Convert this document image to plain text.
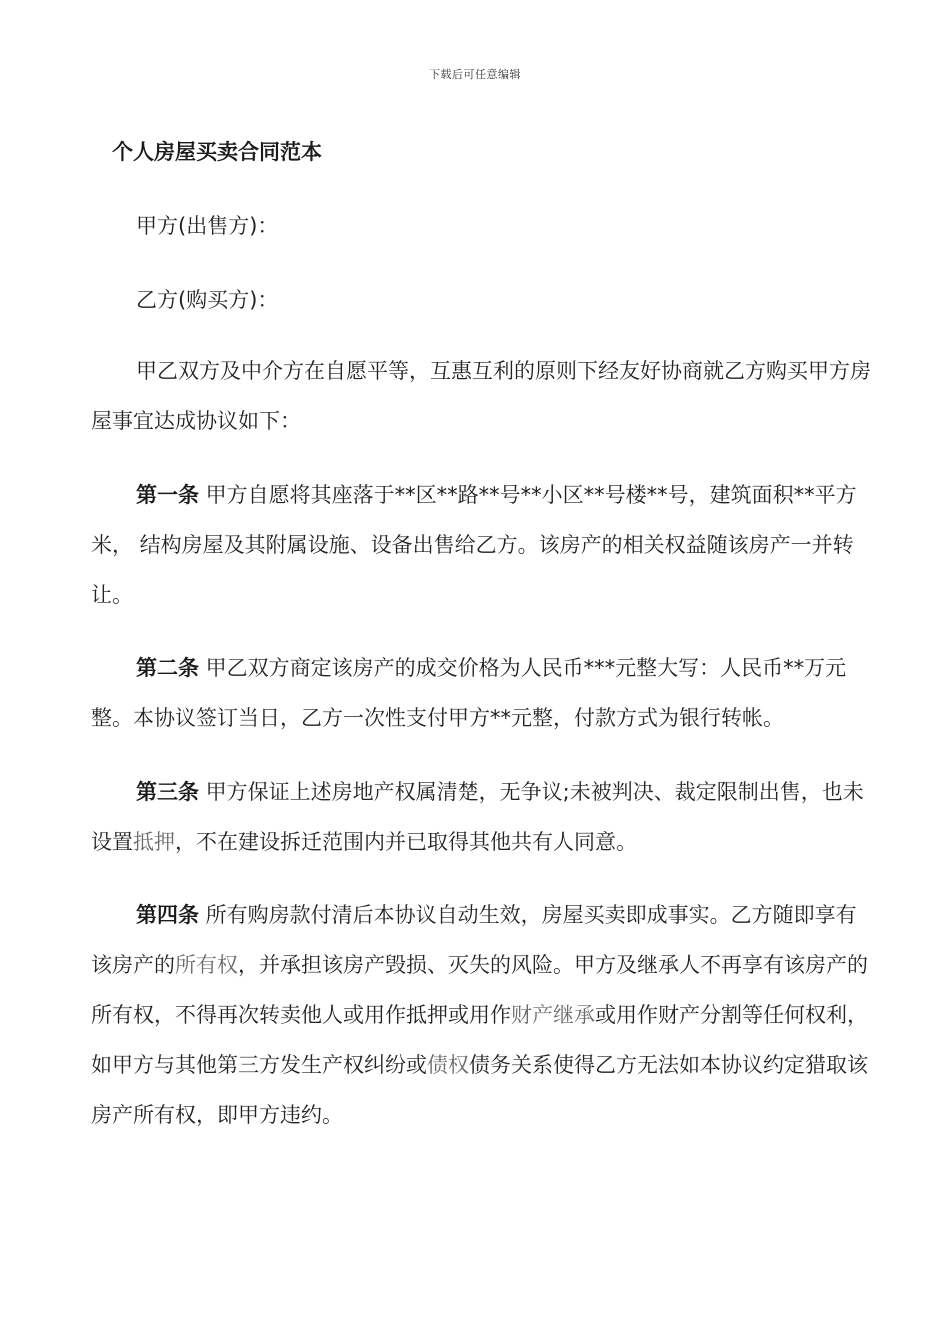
下载后可任意编辑
个人房屋买卖合同范本

甲方(出售方)：

乙方(购买方)：

甲乙双方及中介方在自愿平等，互惠互利的原则下经友好协商就乙方购买甲方房屋事宜达成协议如下：

第一条 甲方自愿将其座落于**区**路**号**小区**号楼**号，建筑面积**平方米， 结构房屋及其附属设施、设备出售给乙方。该房产的相关权益随该房产一并转让。

第二条 甲乙双方商定该房产的成交价格为人民币***元整大写：人民币**万元整。本协议签订当日，乙方一次性支付甲方**元整，付款方式为银行转帐。

第三条 甲方保证上述房地产权属清楚，无争议;未被判决、裁定限制出售，也未设置抵押，不在建设拆迁范围内并已取得其他共有人同意。

第四条 所有购房款付清后本协议自动生效，房屋买卖即成事实。乙方随即享有该房产的所有权，并承担该房产毁损、灭失的风险。甲方及继承人不再享有该房产的所有权，不得再次转卖他人或用作抵押或用作财产继承或用作财产分割等任何权利，如甲方与其他第三方发生产权纠纷或债权债务关系使得乙方无法如本协议约定猎取该房产所有权，即甲方违约。
